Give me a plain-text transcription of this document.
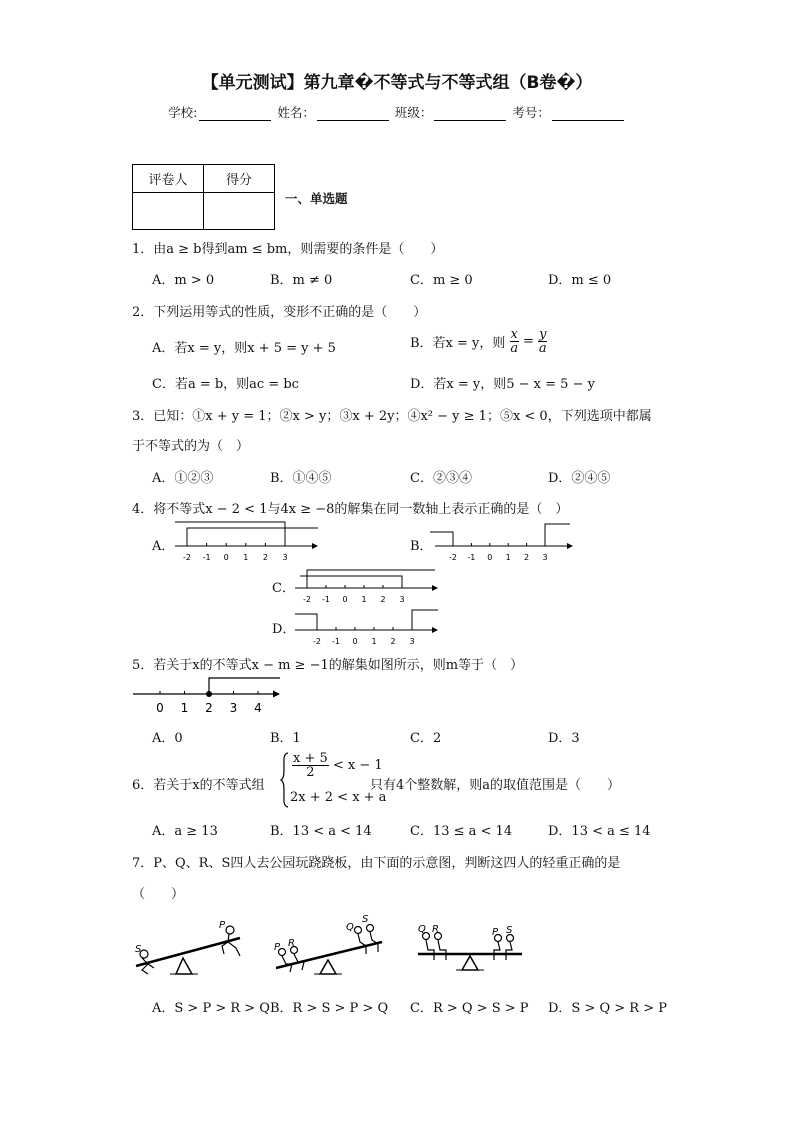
【单元测试】第九章�不等式与不等式组（B卷�）
学校:	姓名：	班级：	考号：
评卷人	得分

一、单选题
1．由a ≥ b得到am ≤ bm，则需要的条件是（　　）
A．m > 0	B．m ≠ 0	C．m ≥ 0	D．m ≤ 0
2．下列运用等式的性质，变形不正确的是（　　）
A．若x = y，则x + 5 = y + 5	B．若x = y，则 $\frac{x}{a} = \frac{y}{a}$
C．若a = b，则ac = bc	D．若x = y，则5 − x = 5 − y
3．已知：①x + y = 1；②x > y；③x + 2y；④x² − y ≥ 1；⑤x < 0，下列选项中都属
于不等式的为（　）
A．①②③	B．①④⑤	C．②③④	D．②④⑤
4．将不等式x − 2 < 1与4x ≥ −8的解集在同一数轴上表示正确的是（　）
A．	B．
C．
D．
-2 -1 0 1 2 3	-2 -1 0 1 2 3
-2 -1 0 1 2 3
-2 -1 0 1 2 3
5．若关于x的不等式x − m ≥ −1的解集如图所示，则m等于（　）
0 1 2 3 4
A．0	B．1	C．2	D．3
6．若关于x的不等式组
$\frac{x + 5}{2} < x - 1$
2x + 2 < x + a
只有4个整数解，则a的取值范围是（　　）
A．a ≥ 13	B．13 < a < 14	C．13 ≤ a < 14	D．13 < a ≤ 14
7．P、Q、R、S四人去公园玩跷跷板，由下面的示意图，判断这四人的轻重正确的是
（　　）
S
P
P R
Q
S
Q R	P S
A．S > P > R > Q B．R > S > P > Q C．R > Q > S > P D．S > Q > R > P
